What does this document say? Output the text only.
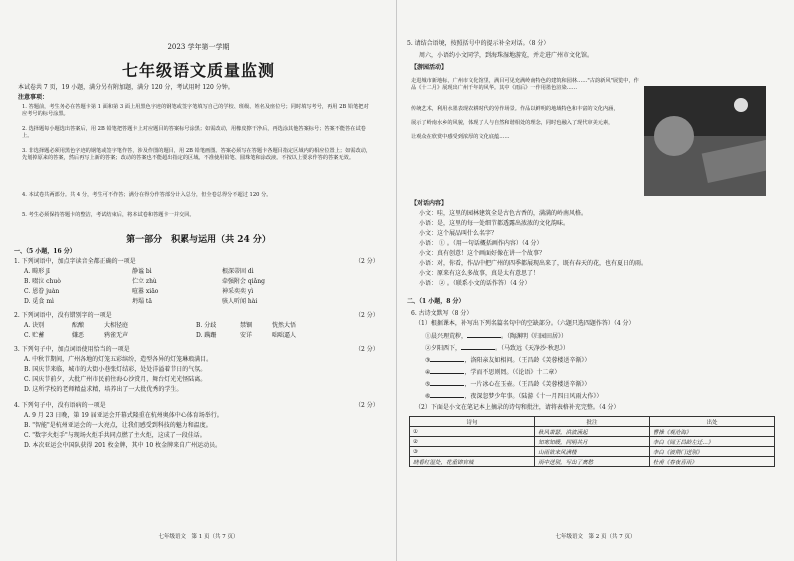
2023 学年第一学期
七年级语文质量监测
本试卷共 7 页，19 小题，满分另有附加题，满分 120 分，考试用时 120 分钟。
注意事项：
1. 答题前，考生务必在答题卡第 1 面和第 3 面上用黑色字迹的钢笔或签字笔填写自己的学校、班级、姓名及座位号；同时填写考号，再用 2B 铅笔把对应考号的标号涂黑。
2. 选择题每小题选出答案后，用 2B 铅笔把答题卡上对应题目的答案标号涂黑；如需改动，用橡皮擦干净后，再选涂其他答案标号；答案不能答在试卷上。
3. 非选择题必须用黑色字迹的钢笔或签字笔作答，涉及作图的题目，用 2B 铅笔画图。答案必须写在答题卡各题目指定区域内的相应位置上；如需改动，先划掉原来的答案，然后再写上新的答案；改动的答案也不能超出指定的区域。不准使用铅笔、圆珠笔和涂改液。不按以上要求作答的答案无效。
4. 本试卷共两部分。共 4 分，考生可不作答；满分在得分作答部分计入总分，但全卷总得分不超过 120 分。
5. 考生必须保持答题卡的整洁，考试结束后，将本试卷和答题卡一并交回。
第一部分　积累与运用（共 24 分）
一、（5 小题，16 分）
1. 下列词语中，加点字读音全都正确的一项是	（2 分）
A. 畸形 jī	静谧 bì	根深蒂固 dì
B. 啜泣 chuò	伫立 zhù	牵强附会 qiǎng
C. 恩眷 juàn	喧嚣 xiāo	神采奕奕 yì
D. 觅食 mì	坍塌 tā	骇人听闻 hài
2. 下列词语中，没有错别字的一项是	（2 分）
A. 诀别	酝酿	大相径庭	B. 分歧	禁锢	恍然大悟
C. 贮蓄	嫌恶	鸦雀无声	D. 蹒跚	安详	咄咄逼人
3. 下列句子中，加点词语使用恰当的一项是	（2 分）
A. 中秋节期间，广州各地的灯笼五彩缤纷，造型各异的灯笼琳琅满目。
B. 国庆节来临，城市的大街小巷张灯结彩，处处洋溢着节日的气氛。
C. 国庆节前夕，大批广州市民前往海心沙赏月，舞台灯光光怪陆离。
D. 这所学校的老师精益求精，培养出了一大批优秀的学生。
4. 下列句子中，没有语病的一项是	（2 分）
A. 9 月 23 日晚，第 19 届亚运会开幕式隆重在杭州奥体中心体育场举行。
B. "智能"是杭州亚运会的一大亮点，让我们感受到科技的魅力和温度。
C. "数字火炬手"与现场火炬手共同点燃了主火炬，这成了一段佳话。
D. 本次亚运会中国队获得 201 枚金牌，其中 10 枚金牌来自广州运动员。
七年级语文　第 1 页（共 7 页）
5. 请结合语境，按照括号中的提示补全对话。（8 分）
周六，小语约小文同学，到海珠湿地游览，并走进广州市文化馆。
【游园活动】
走进城市新地标，广州市文化馆里，满目可见充满岭南特色的建筑和园林……"古韵新风"展览中，作品《十二月》展现出广州千年的风华。其中《雨后》一作用墨色渲染……
传统艺术，利用水墨表现农耕时代的劳作场景。作品以鲜明的地域特色和丰富的文化内涵，
展示了岭南水乡的风貌，体现了人与自然和谐相处的理念，同时也融入了现代审美元素，
让观众在欣赏中感受到浓厚的文化底蕴……
【对话内容】
小文：哇，这里的园林建筑全是古色古香的，满满的岭南风格。
小语：是，这里的每一处细节都透露出浓浓的文化韵味。
小文：这个展品叫什么名字？
小语： ① 。（用一句话概括画作内容）（4 分）
小文：真有创意！这个画面好像在讲一个故事？
小语：对，你看，作品中把广州的四季都展现出来了，既有春天的花，也有夏日的雨。
小文：原来有这么多故事，真是太有意思了！
小语： ② 。（联系小文的话作答）（4 分）
二、（1 小题，8 分）
6. 古诗文默写（8 分）
（1）根据课本，补写出下列名篇名句中的空缺部分。（六题只选四题作答）（4 分）
①晨兴理荒秽，	。（陶渊明《归园田居》）
②夕阳西下，	。（马致远《天净沙·秋思》）
③	，洛阳亲友如相问。（王昌龄《芙蓉楼送辛渐》）
④	，学而不思则罔。（《论语》十二章）
⑤	，一片冰心在玉壶。（王昌龄《芙蓉楼送辛渐》）
⑥	，夜深忽梦少年事。（陆游《十一月四日风雨大作》）
（2）下面是小文在笔记本上摘录的诗句和批注，请将表格补充完整。（4 分）
诗句	批注	出处
①	秋风萧瑟，洪波涌起	曹操《观沧海》
②	知寒知暖，同明共月	李白《闻王昌龄左迁…》
③	山雨欲来风满楼	李白《渡荆门送别》
晓看红湿处，花重锦官城	雨中送别，写出了离愁	杜甫《春夜喜雨》
七年级语文　第 2 页（共 7 页）
